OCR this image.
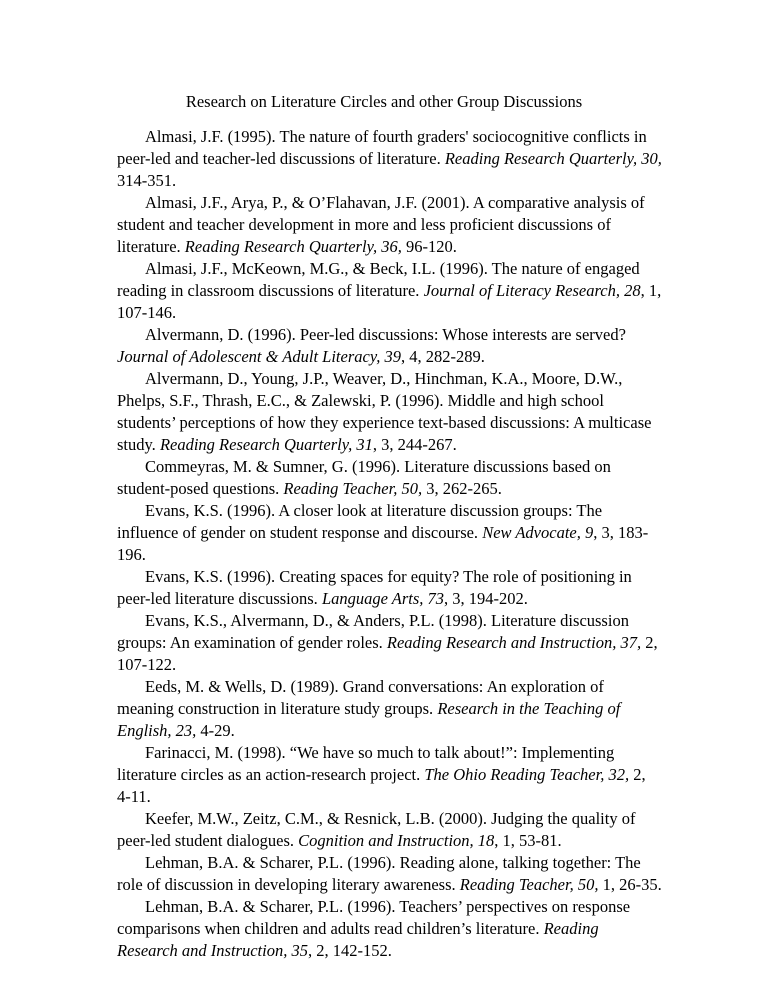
Research on Literature Circles and other Group Discussions

Almasi, J.F. (1995). The nature of fourth graders' sociocognitive conflicts in peer-led and teacher-led discussions of literature. Reading Research Quarterly, 30, 314-351.

Almasi, J.F., Arya, P., & O’Flahavan, J.F. (2001). A comparative analysis of student and teacher development in more and less proficient discussions of literature. Reading Research Quarterly, 36, 96-120.

Almasi, J.F., McKeown, M.G., & Beck, I.L. (1996). The nature of engaged reading in classroom discussions of literature. Journal of Literacy Research, 28, 1, 107-146.

Alvermann, D. (1996). Peer-led discussions: Whose interests are served? Journal of Adolescent & Adult Literacy, 39, 4, 282-289.

Alvermann, D., Young, J.P., Weaver, D., Hinchman, K.A., Moore, D.W., Phelps, S.F., Thrash, E.C., & Zalewski, P. (1996). Middle and high school students’ perceptions of how they experience text-based discussions: A multicase study. Reading Research Quarterly, 31, 3, 244-267.

Commeyras, M. & Sumner, G. (1996). Literature discussions based on student-posed questions. Reading Teacher, 50, 3, 262-265.

Evans, K.S. (1996). A closer look at literature discussion groups: The influence of gender on student response and discourse. New Advocate, 9, 3, 183-196.

Evans, K.S. (1996). Creating spaces for equity? The role of positioning in peer-led literature discussions. Language Arts, 73, 3, 194-202.

Evans, K.S., Alvermann, D., & Anders, P.L. (1998). Literature discussion groups: An examination of gender roles. Reading Research and Instruction, 37, 2, 107-122.

Eeds, M. & Wells, D. (1989). Grand conversations: An exploration of meaning construction in literature study groups. Research in the Teaching of English, 23, 4-29.

Farinacci, M. (1998). “We have so much to talk about!”: Implementing literature circles as an action-research project. The Ohio Reading Teacher, 32, 2, 4-11.

Keefer, M.W., Zeitz, C.M., & Resnick, L.B. (2000). Judging the quality of peer-led student dialogues. Cognition and Instruction, 18, 1, 53-81.

Lehman, B.A. & Scharer, P.L. (1996). Reading alone, talking together: The role of discussion in developing literary awareness. Reading Teacher, 50, 1, 26-35.

Lehman, B.A. & Scharer, P.L. (1996). Teachers’ perspectives on response comparisons when children and adults read children’s literature. Reading Research and Instruction, 35, 2, 142-152.
